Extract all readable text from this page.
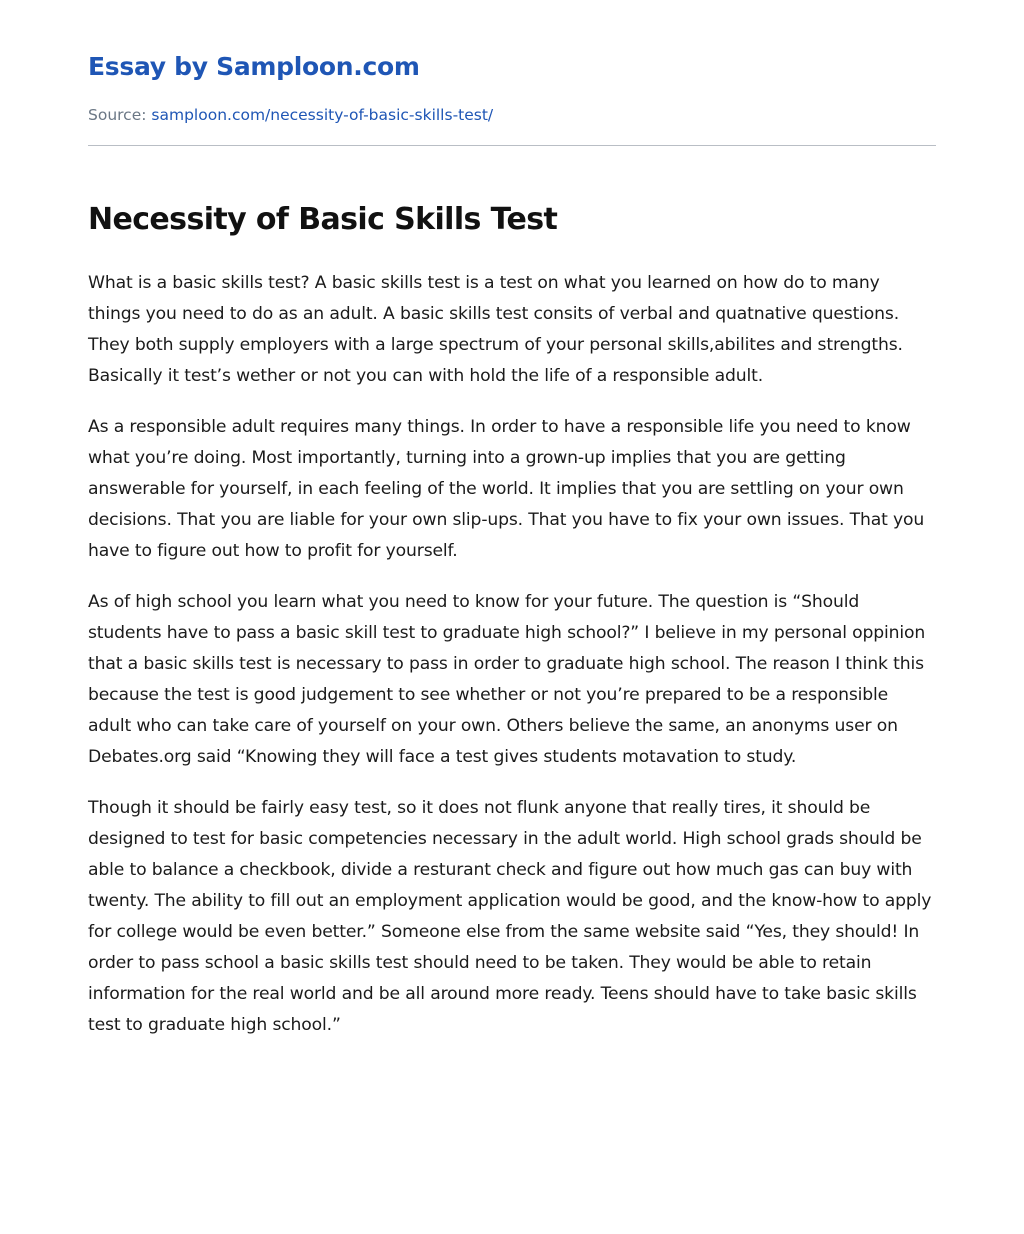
Essay by Samploon.com
Source: samploon.com/necessity-of-basic-skills-test/
Necessity of Basic Skills Test

What is a basic skills test? A basic skills test is a test on what you learned on how do to many things you need to do as an adult. A basic skills test consits of verbal and quatnative questions. They both supply employers with a large spectrum of your personal skills,abilites and strengths. Basically it test’s wether or not you can with hold the life of a responsible adult.

As a responsible adult requires many things. In order to have a responsible life you need to know what you’re doing. Most importantly, turning into a grown-up implies that you are getting answerable for yourself, in each feeling of the world. It implies that you are settling on your own decisions. That you are liable for your own slip-ups. That you have to fix your own issues. That you have to figure out how to profit for yourself.

As of high school you learn what you need to know for your future. The question is “Should students have to pass a basic skill test to graduate high school?” I believe in my personal oppinion that a basic skills test is necessary to pass in order to graduate high school. The reason I think this because the test is good judgement to see whether or not you’re prepared to be a responsible adult who can take care of yourself on your own. Others believe the same, an anonyms user on Debates.org said “Knowing they will face a test gives students motavation to study.

Though it should be fairly easy test, so it does not flunk anyone that really tires, it should be designed to test for basic competencies necessary in the adult world. High school grads should be able to balance a checkbook, divide a resturant check and figure out how much gas can buy with twenty. The ability to fill out an employment application would be good, and the know-how to apply for college would be even better.” Someone else from the same website said “Yes, they should! In order to pass school a basic skills test should need to be taken. They would be able to retain information for the real world and be all around more ready. Teens should have to take basic skills test to graduate high school.”
